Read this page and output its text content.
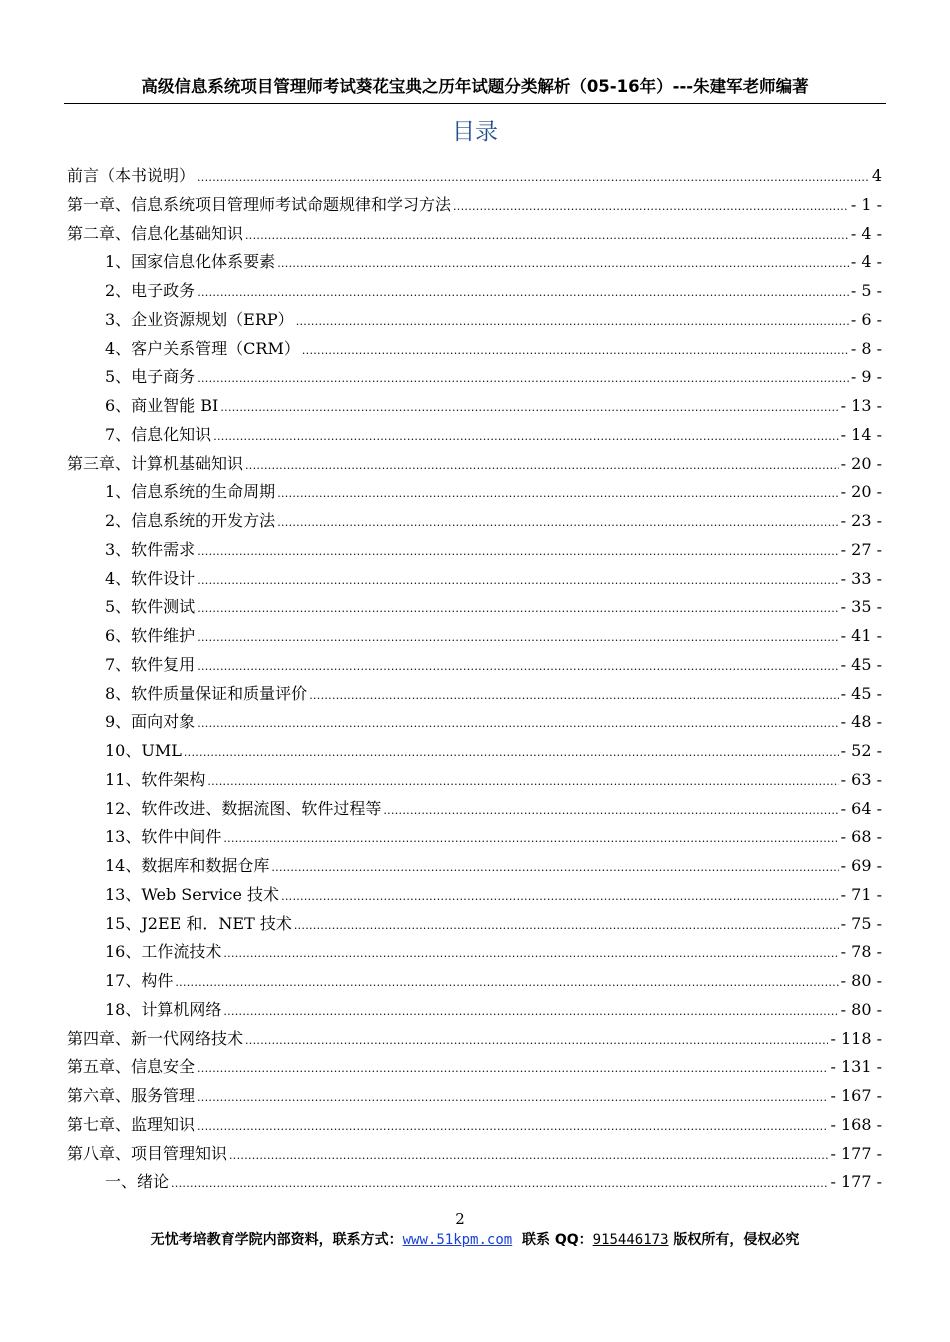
高级信息系统项目管理师考试葵花宝典之历年试题分类解析（05-16年）---朱建军老师编著
目录
前言（本书说明） .....	4
第一章、信息系统项目管理师考试命题规律和学习方法 .....	- 1 -
第二章、信息化基础知识 .....	- 4 -
1、国家信息化体系要素 .....	- 4 -
2、电子政务 .....	- 5 -
3、企业资源规划（ERP） .....	- 6 -
4、客户关系管理（CRM） .....	- 8 -
5、电子商务 .....	- 9 -
6、商业智能 BI .....	- 13 -
7、信息化知识 .....	- 14 -
第三章、计算机基础知识 .....	- 20 -
1、信息系统的生命周期 .....	- 20 -
2、信息系统的开发方法 .....	- 23 -
3、软件需求 .....	- 27 -
4、软件设计 .....	- 33 -
5、软件测试 .....	- 35 -
6、软件维护 .....	- 41 -
7、软件复用 .....	- 45 -
8、软件质量保证和质量评价 .....	- 45 -
9、面向对象 .....	- 48 -
10、UML .....	- 52 -
11、软件架构 .....	- 63 -
12、软件改进、数据流图、软件过程等 .....	- 64 -
13、软件中间件 .....	- 68 -
14、数据库和数据仓库 .....	- 69 -
13、Web Service 技术 .....	- 71 -
15、J2EE 和．NET 技术 .....	- 75 -
16、工作流技术 .....	- 78 -
17、构件 .....	- 80 -
18、计算机网络 .....	- 80 -
第四章、新一代网络技术 .....	- 118 -
第五章、信息安全 .....	- 131 -
第六章、服务管理 .....	- 167 -
第七章、监理知识 .....	- 168 -
第八章、项目管理知识 .....	- 177 -
一、绪论 .....	- 177 -
2
无忧考培教育学院内部资料，联系方式：www.51kpm.com 联系 QQ：915446173 版权所有，侵权必究
